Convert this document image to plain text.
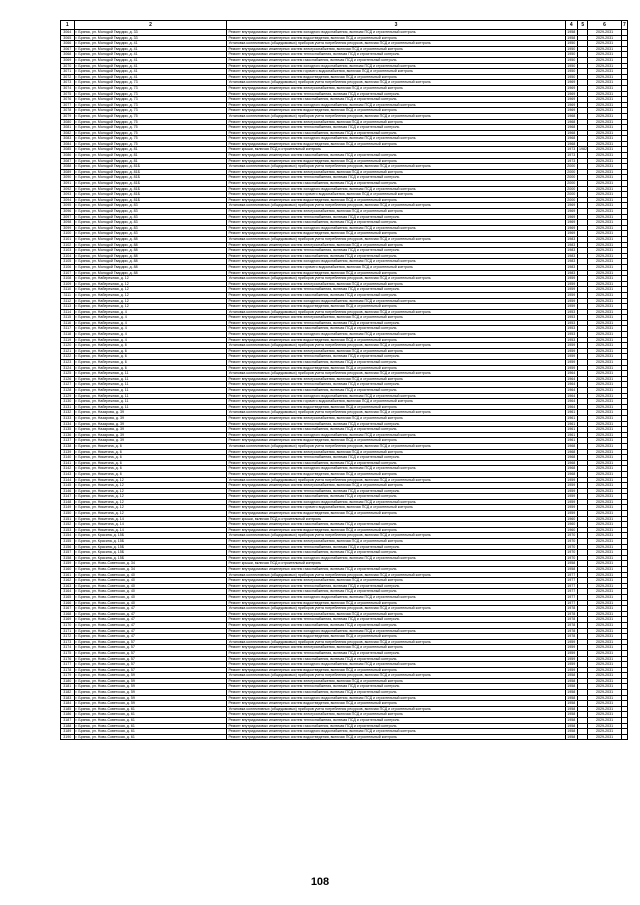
1	2	3	4	5	6	7
3064	г. Брянск, ул. Молодой Гвардии, д. 33	Ремонт внутридомовых инженерных систем холодного водоснабжения, включая ПСД и строительный контроль	1958		2029-2031	
3065	г. Брянск, ул. Молодой Гвардии, д. 33	Ремонт внутридомовых инженерных систем водоотведения, включая ПСД и строительный контроль	1958		2029-2031	
3066	г. Брянск, ул. Молодой Гвардии, д. 41	Установка коллективных (общедомовых) приборов учета потребления ресурсов, включая ПСД и строительный контроль	1950		2029-2031	
3067	г. Брянск, ул. Молодой Гвардии, д. 41	Ремонт внутридомовых инженерных систем электроснабжения, включая ПСД и строительный контроль	1950		2029-2031	
3068	г. Брянск, ул. Молодой Гвардии, д. 41	Ремонт внутридомовых инженерных систем теплоснабжения, включая ПСД и строительный контроль	1950		2029-2031	
3069	г. Брянск, ул. Молодой Гвардии, д. 41	Ремонт внутридомовых инженерных систем газоснабжения, включая ПСД и строительный контроль	1950		2029-2031	
3070	г. Брянск, ул. Молодой Гвардии, д. 41	Ремонт внутридомовых инженерных систем холодного водоснабжения, включая ПСД и строительный контроль	1950		2029-2031	
3071	г. Брянск, ул. Молодой Гвардии, д. 41	Ремонт внутридомовых инженерных систем горячего водоснабжения, включая ПСД и строительный контроль	1950		2029-2031	
3072	г. Брянск, ул. Молодой Гвардии, д. 41	Ремонт внутридомовых инженерных систем водоотведения, включая ПСД и строительный контроль	1950		2029-2031	
3073	г. Брянск, ул. Молодой Гвардии, д. 73	Установка коллективных (общедомовых) приборов учета потребления ресурсов, включая ПСД и строительный контроль	1969		2029-2031	
3074	г. Брянск, ул. Молодой Гвардии, д. 73	Ремонт внутридомовых инженерных систем электроснабжения, включая ПСД и строительный контроль	1969		2029-2031	
3075	г. Брянск, ул. Молодой Гвардии, д. 73	Ремонт внутридомовых инженерных систем теплоснабжения, включая ПСД и строительный контроль	1969		2029-2031	
3076	г. Брянск, ул. Молодой Гвардии, д. 73	Ремонт внутридомовых инженерных систем газоснабжения, включая ПСД и строительный контроль	1969		2029-2031	
3077	г. Брянск, ул. Молодой Гвардии, д. 73	Ремонт внутридомовых инженерных систем холодного водоснабжения, включая ПСД и строительный контроль	1969		2029-2031	
3078	г. Брянск, ул. Молодой Гвардии, д. 73	Ремонт внутридомовых инженерных систем водоотведения, включая ПСД и строительный контроль	1969		2029-2031	
3079	г. Брянск, ул. Молодой Гвардии, д. 75	Установка коллективных (общедомовых) приборов учета потребления ресурсов, включая ПСД и строительный контроль	1968		2029-2031	
3080	г. Брянск, ул. Молодой Гвардии, д. 75	Ремонт внутридомовых инженерных систем электроснабжения, включая ПСД и строительный контроль	1968		2029-2031	
3081	г. Брянск, ул. Молодой Гвардии, д. 75	Ремонт внутридомовых инженерных систем теплоснабжения, включая ПСД и строительный контроль	1968		2029-2031	
3082	г. Брянск, ул. Молодой Гвардии, д. 75	Ремонт внутридомовых инженерных систем газоснабжения, включая ПСД и строительный контроль	1968		2029-2031	
3083	г. Брянск, ул. Молодой Гвардии, д. 75	Ремонт внутридомовых инженерных систем холодного водоснабжения, включая ПСД и строительный контроль	1968		2029-2031	
3084	г. Брянск, ул. Молодой Гвардии, д. 75	Ремонт внутридомовых инженерных систем водоотведения, включая ПСД и строительный контроль	1968		2029-2031	
3085	г. Брянск, ул. Молодой Гвардии, д. 81	Ремонт крыши, включая ПСД и строительный контроль	1973	1982	2029-2031	
3086	г. Брянск, ул. Молодой Гвардии, д. 81	Ремонт внутридомовых инженерных систем газоснабжения, включая ПСД и строительный контроль	1973		2029-2031	
3087	г. Брянск, ул. Молодой Гвардии, д. 81	Ремонт внутридомовых инженерных систем водоотведения, включая ПСД и строительный контроль	1973		2029-2031	
3088	г. Брянск, ул. Молодой Гвардии, д. 81Б	Установка коллективных (общедомовых) приборов учета потребления ресурсов, включая ПСД и строительный контроль	2000		2029-2031	
3089	г. Брянск, ул. Молодой Гвардии, д. 81Б	Ремонт внутридомовых инженерных систем электроснабжения, включая ПСД и строительный контроль	2000		2029-2031	
3090	г. Брянск, ул. Молодой Гвардии, д. 81Б	Ремонт внутридомовых инженерных систем теплоснабжения, включая ПСД и строительный контроль	2000		2029-2031	
3091	г. Брянск, ул. Молодой Гвардии, д. 81Б	Ремонт внутридомовых инженерных систем газоснабжения, включая ПСД и строительный контроль	2000		2029-2031	
3092	г. Брянск, ул. Молодой Гвардии, д. 81Б	Ремонт внутридомовых инженерных систем холодного водоснабжения, включая ПСД и строительный контроль	2000		2029-2031	
3093	г. Брянск, ул. Молодой Гвардии, д. 81Б	Ремонт внутридомовых инженерных систем горячего водоснабжения, включая ПСД и строительный контроль	2000		2029-2031	
3094	г. Брянск, ул. Молодой Гвардии, д. 81Б	Ремонт внутридомовых инженерных систем водоотведения, включая ПСД и строительный контроль	2000		2029-2031	
3095	г. Брянск, ул. Молодой Гвардии, д. 83	Установка коллективных (общедомовых) приборов учета потребления ресурсов, включая ПСД и строительный контроль	1969		2029-2031	
3096	г. Брянск, ул. Молодой Гвардии, д. 83	Ремонт внутридомовых инженерных систем электроснабжения, включая ПСД и строительный контроль	1969		2029-2031	
3097	г. Брянск, ул. Молодой Гвардии, д. 83	Ремонт внутридомовых инженерных систем теплоснабжения, включая ПСД и строительный контроль	1969		2029-2031	
3098	г. Брянск, ул. Молодой Гвардии, д. 83	Ремонт внутридомовых инженерных систем газоснабжения, включая ПСД и строительный контроль	1969		2029-2031	
3099	г. Брянск, ул. Молодой Гвардии, д. 83	Ремонт внутридомовых инженерных систем холодного водоснабжения, включая ПСД и строительный контроль	1969		2029-2031	
3100	г. Брянск, ул. Молодой Гвардии, д. 83	Ремонт внутридомовых инженерных систем водоотведения, включая ПСД и строительный контроль	1969		2029-2031	
3101	г. Брянск, ул. Молодой Гвардии, д. 88	Установка коллективных (общедомовых) приборов учета потребления ресурсов, включая ПСД и строительный контроль	1983		2029-2031	
3102	г. Брянск, ул. Молодой Гвардии, д. 88	Ремонт внутридомовых инженерных систем электроснабжения, включая ПСД и строительный контроль	1983		2029-2031	
3103	г. Брянск, ул. Молодой Гвардии, д. 88	Ремонт внутридомовых инженерных систем теплоснабжения, включая ПСД и строительный контроль	1983		2029-2031	
3104	г. Брянск, ул. Молодой Гвардии, д. 88	Ремонт внутридомовых инженерных систем газоснабжения, включая ПСД и строительный контроль	1983		2029-2031	
3105	г. Брянск, ул. Молодой Гвардии, д. 88	Ремонт внутридомовых инженерных систем холодного водоснабжения, включая ПСД и строительный контроль	1983		2029-2031	
3106	г. Брянск, ул. Молодой Гвардии, д. 88	Ремонт внутридомовых инженерных систем горячего водоснабжения, включая ПСД и строительный контроль	1983		2029-2031	
3107	г. Брянск, ул. Молодой Гвардии, д. 88	Ремонт внутридомовых инженерных систем водоотведения, включая ПСД и строительный контроль	1983		2029-2031	
3108	г. Брянск, ул. Набережная, д. 12	Установка коллективных (общедомовых) приборов учета потребления ресурсов, включая ПСД и строительный контроль	1959		2029-2031	
3109	г. Брянск, ул. Набережная, д. 12	Ремонт внутридомовых инженерных систем электроснабжения, включая ПСД и строительный контроль	1959		2029-2031	
3110	г. Брянск, ул. Набережная, д. 12	Ремонт внутридомовых инженерных систем теплоснабжения, включая ПСД и строительный контроль	1959		2029-2031	
3111	г. Брянск, ул. Набережная, д. 12	Ремонт внутридомовых инженерных систем газоснабжения, включая ПСД и строительный контроль	1959		2029-2031	
3112	г. Брянск, ул. Набережная, д. 12	Ремонт внутридомовых инженерных систем холодного водоснабжения, включая ПСД и строительный контроль	1959		2029-2031	
3113	г. Брянск, ул. Набережная, д. 12	Ремонт внутридомовых инженерных систем водоотведения, включая ПСД и строительный контроль	1959		2029-2031	
3114	г. Брянск, ул. Набережная, д. 4	Установка коллективных (общедомовых) приборов учета потребления ресурсов, включая ПСД и строительный контроль	1953		2029-2031	
3115	г. Брянск, ул. Набережная, д. 4	Ремонт внутридомовых инженерных систем электроснабжения, включая ПСД и строительный контроль	1953		2029-2031	
3116	г. Брянск, ул. Набережная, д. 4	Ремонт внутридомовых инженерных систем теплоснабжения, включая ПСД и строительный контроль	1953		2029-2031	
3117	г. Брянск, ул. Набережная, д. 4	Ремонт внутридомовых инженерных систем газоснабжения, включая ПСД и строительный контроль	1953		2029-2031	
3118	г. Брянск, ул. Набережная, д. 4	Ремонт внутридомовых инженерных систем холодного водоснабжения, включая ПСД и строительный контроль	1953		2029-2031	
3119	г. Брянск, ул. Набережная, д. 4	Ремонт внутридомовых инженерных систем водоотведения, включая ПСД и строительный контроль	1953		2029-2031	
3120	г. Брянск, ул. Набережная, д. 6	Установка коллективных (общедомовых) приборов учета потребления ресурсов, включая ПСД и строительный контроль	1959		2029-2031	
3121	г. Брянск, ул. Набережная, д. 6	Ремонт внутридомовых инженерных систем электроснабжения, включая ПСД и строительный контроль	1959		2029-2031	
3122	г. Брянск, ул. Набережная, д. 6	Ремонт внутридомовых инженерных систем теплоснабжения, включая ПСД и строительный контроль	1959		2029-2031	
3123	г. Брянск, ул. Набережная, д. 6	Ремонт внутридомовых инженерных систем газоснабжения, включая ПСД и строительный контроль	1959		2029-2031	
3124	г. Брянск, ул. Набережная, д. 6	Ремонт внутридомовых инженерных систем водоотведения, включая ПСД и строительный контроль	1959		2029-2031	
3125	г. Брянск, ул. Набережная, д. 11	Установка коллективных (общедомовых) приборов учета потребления ресурсов, включая ПСД и строительный контроль	1964		2029-2031	
3126	г. Брянск, ул. Набережная, д. 11	Ремонт внутридомовых инженерных систем электроснабжения, включая ПСД и строительный контроль	1964		2029-2031	
3127	г. Брянск, ул. Набережная, д. 11	Ремонт внутридомовых инженерных систем теплоснабжения, включая ПСД и строительный контроль	1964		2029-2031	
3128	г. Брянск, ул. Набережная, д. 11	Ремонт внутридомовых инженерных систем газоснабжения, включая ПСД и строительный контроль	1964		2029-2031	
3129	г. Брянск, ул. Набережная, д. 11	Ремонт внутридомовых инженерных систем холодного водоснабжения, включая ПСД и строительный контроль	1964		2029-2031	
3130	г. Брянск, ул. Набережная, д. 11	Ремонт внутридомовых инженерных систем горячего водоснабжения, включая ПСД и строительный контроль	1964		2029-2031	
3131	г. Брянск, ул. Набережная, д. 11	Ремонт внутридомовых инженерных систем водоотведения, включая ПСД и строительный контроль	1964		2029-2031	
3132	г. Брянск, ул. Назарова, д. 39	Установка коллективных (общедомовых) приборов учета потребления ресурсов, включая ПСД и строительный контроль	1961		2029-2031	
3133	г. Брянск, ул. Назарова, д. 39	Ремонт внутридомовых инженерных систем электроснабжения, включая ПСД и строительный контроль	1961		2029-2031	
3134	г. Брянск, ул. Назарова, д. 39	Ремонт внутридомовых инженерных систем теплоснабжения, включая ПСД и строительный контроль	1961		2029-2031	
3135	г. Брянск, ул. Назарова, д. 39	Ремонт внутридомовых инженерных систем газоснабжения, включая ПСД и строительный контроль	1961		2029-2031	
3136	г. Брянск, ул. Назарова, д. 39	Ремонт внутридомовых инженерных систем холодного водоснабжения, включая ПСД и строительный контроль	1961		2029-2031	
3137	г. Брянск, ул. Назарова, д. 39	Ремонт внутридомовых инженерных систем водоотведения, включая ПСД и строительный контроль	1961		2029-2031	
3138	г. Брянск, ул. Никитина, д. 6	Установка коллективных (общедомовых) приборов учета потребления ресурсов, включая ПСД и строительный контроль	1968		2029-2031	
3139	г. Брянск, ул. Никитина, д. 6	Ремонт внутридомовых инженерных систем электроснабжения, включая ПСД и строительный контроль	1968		2029-2031	
3140	г. Брянск, ул. Никитина, д. 6	Ремонт внутридомовых инженерных систем теплоснабжения, включая ПСД и строительный контроль	1968		2029-2031	
3141	г. Брянск, ул. Никитина, д. 6	Ремонт внутридомовых инженерных систем газоснабжения, включая ПСД и строительный контроль	1968		2029-2031	
3142	г. Брянск, ул. Никитина, д. 6	Ремонт внутридомовых инженерных систем холодного водоснабжения, включая ПСД и строительный контроль	1968		2029-2031	
3143	г. Брянск, ул. Никитина, д. 6	Ремонт внутридомовых инженерных систем водоотведения, включая ПСД и строительный контроль	1968		2029-2031	
3144	г. Брянск, ул. Никитина, д. 12	Установка коллективных (общедомовых) приборов учета потребления ресурсов, включая ПСД и строительный контроль	1959		2029-2031	
3145	г. Брянск, ул. Никитина, д. 12	Ремонт внутридомовых инженерных систем электроснабжения, включая ПСД и строительный контроль	1959		2029-2031	
3146	г. Брянск, ул. Никитина, д. 12	Ремонт внутридомовых инженерных систем теплоснабжения, включая ПСД и строительный контроль	1959		2029-2031	
3147	г. Брянск, ул. Никитина, д. 12	Ремонт внутридомовых инженерных систем газоснабжения, включая ПСД и строительный контроль	1959		2029-2031	
3148	г. Брянск, ул. Никитина, д. 12	Ремонт внутридомовых инженерных систем холодного водоснабжения, включая ПСД и строительный контроль	1959		2029-2031	
3149	г. Брянск, ул. Никитина, д. 12	Ремонт внутридомовых инженерных систем горячего водоснабжения, включая ПСД и строительный контроль	1959		2029-2031	
3150	г. Брянск, ул. Никитина, д. 12	Ремонт внутридомовых инженерных систем водоотведения, включая ПСД и строительный контроль	1959		2029-2031	
3151	г. Брянск, ул. Никитина, д. 14	Ремонт крыши, включая ПСД и строительный контроль	1960		2029-2031	
3152	г. Брянск, ул. Никитина, д. 14	Ремонт внутридомовых инженерных систем газоснабжения, включая ПСД и строительный контроль	1960		2029-2031	
3153	г. Брянск, ул. Никитина, д. 14	Ремонт внутридомовых инженерных систем водоотведения, включая ПСД и строительный контроль	1960		2029-2031	
3154	г. Брянск, ул. Красина, д. 15Б	Установка коллективных (общедомовых) приборов учета потребления ресурсов, включая ПСД и строительный контроль	1970		2029-2031	
3155	г. Брянск, ул. Красина, д. 15Б	Ремонт внутридомовых инженерных систем электроснабжения, включая ПСД и строительный контроль	1970		2029-2031	
3156	г. Брянск, ул. Красина, д. 15Б	Ремонт внутридомовых инженерных систем теплоснабжения, включая ПСД и строительный контроль	1970		2029-2031	
3157	г. Брянск, ул. Красина, д. 15Б	Ремонт внутридомовых инженерных систем газоснабжения, включая ПСД и строительный контроль	1970		2029-2031	
3158	г. Брянск, ул. Красина, д. 15Б	Ремонт внутридомовых инженерных систем холодного водоснабжения, включая ПСД и строительный контроль	1970		2029-2031	
3159	г. Брянск, ул. Ново-Советская, д. 34	Ремонт крыши, включая ПСД и строительный контроль	1958		2029-2031	
3160	г. Брянск, ул. Ново-Советская, д. 34	Ремонт внутридомовых инженерных систем газоснабжения, включая ПСД и строительный контроль	1958		2029-2031	
3161	г. Брянск, ул. Ново-Советская, д. 40	Установка коллективных (общедомовых) приборов учета потребления ресурсов, включая ПСД и строительный контроль	1977		2029-2031	
3162	г. Брянск, ул. Ново-Советская, д. 40	Ремонт внутридомовых инженерных систем электроснабжения, включая ПСД и строительный контроль	1977		2029-2031	
3163	г. Брянск, ул. Ново-Советская, д. 40	Ремонт внутридомовых инженерных систем теплоснабжения, включая ПСД и строительный контроль	1977		2029-2031	
3164	г. Брянск, ул. Ново-Советская, д. 40	Ремонт внутридомовых инженерных систем газоснабжения, включая ПСД и строительный контроль	1977		2029-2031	
3165	г. Брянск, ул. Ново-Советская, д. 40	Ремонт внутридомовых инженерных систем холодного водоснабжения, включая ПСД и строительный контроль	1977		2029-2031	
3166	г. Брянск, ул. Ново-Советская, д. 40	Ремонт внутридомовых инженерных систем водоотведения, включая ПСД и строительный контроль	1977		2029-2031	
3167	г. Брянск, ул. Ново-Советская, д. 47	Установка коллективных (общедомовых) приборов учета потребления ресурсов, включая ПСД и строительный контроль	1978		2029-2031	
3168	г. Брянск, ул. Ново-Советская, д. 47	Ремонт внутридомовых инженерных систем электроснабжения, включая ПСД и строительный контроль	1978		2029-2031	
3169	г. Брянск, ул. Ново-Советская, д. 47	Ремонт внутридомовых инженерных систем теплоснабжения, включая ПСД и строительный контроль	1978		2029-2031	
3170	г. Брянск, ул. Ново-Советская, д. 47	Ремонт внутридомовых инженерных систем газоснабжения, включая ПСД и строительный контроль	1978		2029-2031	
3171	г. Брянск, ул. Ново-Советская, д. 47	Ремонт внутридомовых инженерных систем холодного водоснабжения, включая ПСД и строительный контроль	1978		2029-2031	
3172	г. Брянск, ул. Ново-Советская, д. 47	Ремонт внутридомовых инженерных систем водоотведения, включая ПСД и строительный контроль	1978		2029-2031	
3173	г. Брянск, ул. Ново-Советская, д. 57	Установка коллективных (общедомовых) приборов учета потребления ресурсов, включая ПСД и строительный контроль	1959		2029-2031	
3174	г. Брянск, ул. Ново-Советская, д. 57	Ремонт внутридомовых инженерных систем электроснабжения, включая ПСД и строительный контроль	1959		2029-2031	
3175	г. Брянск, ул. Ново-Советская, д. 57	Ремонт внутридомовых инженерных систем теплоснабжения, включая ПСД и строительный контроль	1959		2029-2031	
3176	г. Брянск, ул. Ново-Советская, д. 57	Ремонт внутридомовых инженерных систем газоснабжения, включая ПСД и строительный контроль	1959		2029-2031	
3177	г. Брянск, ул. Ново-Советская, д. 57	Ремонт внутридомовых инженерных систем холодного водоснабжения, включая ПСД и строительный контроль	1959		2029-2031	
3178	г. Брянск, ул. Ново-Советская, д. 57	Ремонт внутридомовых инженерных систем водоотведения, включая ПСД и строительный контроль	1959		2029-2031	
3179	г. Брянск, ул. Ново-Советская, д. 59	Установка коллективных (общедомовых) приборов учета потребления ресурсов, включая ПСД и строительный контроль	1958		2029-2031	
3180	г. Брянск, ул. Ново-Советская, д. 59	Ремонт внутридомовых инженерных систем электроснабжения, включая ПСД и строительный контроль	1958		2029-2031	
3181	г. Брянск, ул. Ново-Советская, д. 59	Ремонт внутридомовых инженерных систем теплоснабжения, включая ПСД и строительный контроль	1958		2029-2031	
3182	г. Брянск, ул. Ново-Советская, д. 59	Ремонт внутридомовых инженерных систем газоснабжения, включая ПСД и строительный контроль	1958		2029-2031	
3183	г. Брянск, ул. Ново-Советская, д. 59	Ремонт внутридомовых инженерных систем холодного водоснабжения, включая ПСД и строительный контроль	1958		2029-2031	
3184	г. Брянск, ул. Ново-Советская, д. 59	Ремонт внутридомовых инженерных систем водоотведения, включая ПСД и строительный контроль	1958		2029-2031	
3185	г. Брянск, ул. Ново-Советская, д. 61	Установка коллективных (общедомовых) приборов учета потребления ресурсов, включая ПСД и строительный контроль	1958		2029-2031	
3186	г. Брянск, ул. Ново-Советская, д. 61	Ремонт внутридомовых инженерных систем электроснабжения, включая ПСД и строительный контроль	1958		2029-2031	
3187	г. Брянск, ул. Ново-Советская, д. 61	Ремонт внутридомовых инженерных систем теплоснабжения, включая ПСД и строительный контроль	1958		2029-2031	
3188	г. Брянск, ул. Ново-Советская, д. 61	Ремонт внутридомовых инженерных систем газоснабжения, включая ПСД и строительный контроль	1958		2029-2031	
3189	г. Брянск, ул. Ново-Советская, д. 61	Ремонт внутридомовых инженерных систем холодного водоснабжения, включая ПСД и строительный контроль	1958		2029-2031	
3190	г. Брянск, ул. Ново-Советская, д. 61	Ремонт внутридомовых инженерных систем водоотведения, включая ПСД и строительный контроль	1958		2029-2031	
108
